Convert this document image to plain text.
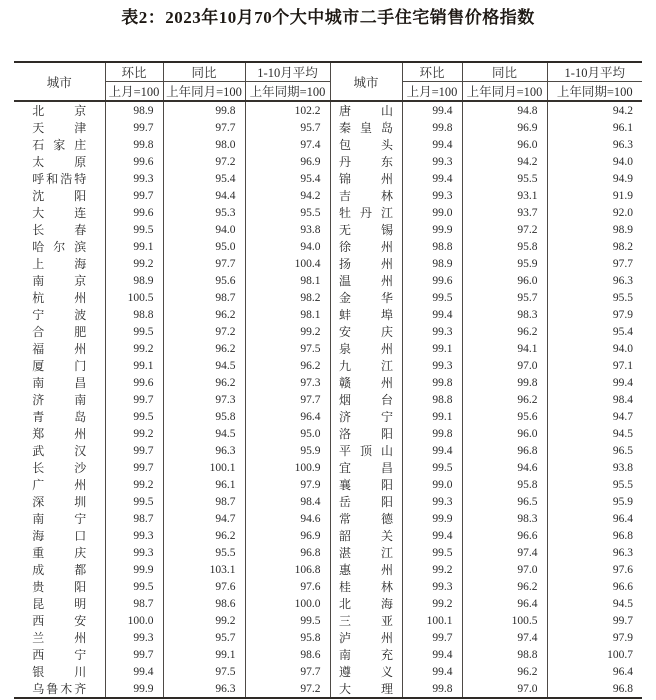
表2：2023年10月70个大中城市二手住宅销售价格指数
城市	环比	同比	1-10月平均	城市	环比	同比	1-10月平均
	上月=100	上年同月=100	上年同期=100		上月=100	上年同月=100	上年同期=100

北京	98.9	99.8	102.2	唐山	99.4	94.8	94.2

天津	99.7	97.7	95.7	秦皇岛	99.8	96.9	96.1

石家庄	99.8	98.0	97.4	包头	99.4	96.0	96.3

太原	99.6	97.2	96.9	丹东	99.3	94.2	94.0

呼和浩特	99.3	95.4	95.4	锦州	99.4	95.5	94.9

沈阳	99.7	94.4	94.2	吉林	99.3	93.1	91.9

大连	99.6	95.3	95.5	牡丹江	99.0	93.7	92.0

长春	99.5	94.0	93.8	无锡	99.9	97.2	98.9

哈尔滨	99.1	95.0	94.0	徐州	98.8	95.8	98.2

上海	99.2	97.7	100.4	扬州	98.9	95.9	97.7

南京	98.9	95.6	98.1	温州	99.6	96.0	96.3

杭州	100.5	98.7	98.2	金华	99.5	95.7	95.5

宁波	98.8	96.2	98.1	蚌埠	99.4	98.3	97.9

合肥	99.5	97.2	99.2	安庆	99.3	96.2	95.4

福州	99.2	96.2	97.5	泉州	99.1	94.1	94.0

厦门	99.1	94.5	96.2	九江	99.3	97.0	97.1

南昌	99.6	96.2	97.3	赣州	99.8	99.8	99.4

济南	99.7	97.3	97.7	烟台	98.8	96.2	98.4

青岛	99.5	95.8	96.4	济宁	99.1	95.6	94.7

郑州	99.2	94.5	95.0	洛阳	99.8	96.0	94.5

武汉	99.7	96.3	95.9	平顶山	99.4	96.8	96.5

长沙	99.7	100.1	100.9	宜昌	99.5	94.6	93.8

广州	99.2	96.1	97.9	襄阳	99.0	95.8	95.5

深圳	99.5	98.7	98.4	岳阳	99.3	96.5	95.9

南宁	98.7	94.7	94.6	常德	99.9	98.3	96.4

海口	99.3	96.2	96.9	韶关	99.4	96.6	96.8

重庆	99.3	95.5	96.8	湛江	99.5	97.4	96.3

成都	99.9	103.1	106.8	惠州	99.2	97.0	97.6

贵阳	99.5	97.6	97.6	桂林	99.3	96.2	96.6

昆明	98.7	98.6	100.0	北海	99.2	96.4	94.5

西安	100.0	99.2	99.5	三亚	100.1	100.5	99.7

兰州	99.3	95.7	95.8	泸州	99.7	97.4	97.9

西宁	99.7	99.1	98.6	南充	99.4	98.8	100.7

银川	99.4	97.5	97.7	遵义	99.4	96.2	96.4

乌鲁木齐	99.9	96.3	97.2	大理	99.8	97.0	96.8
